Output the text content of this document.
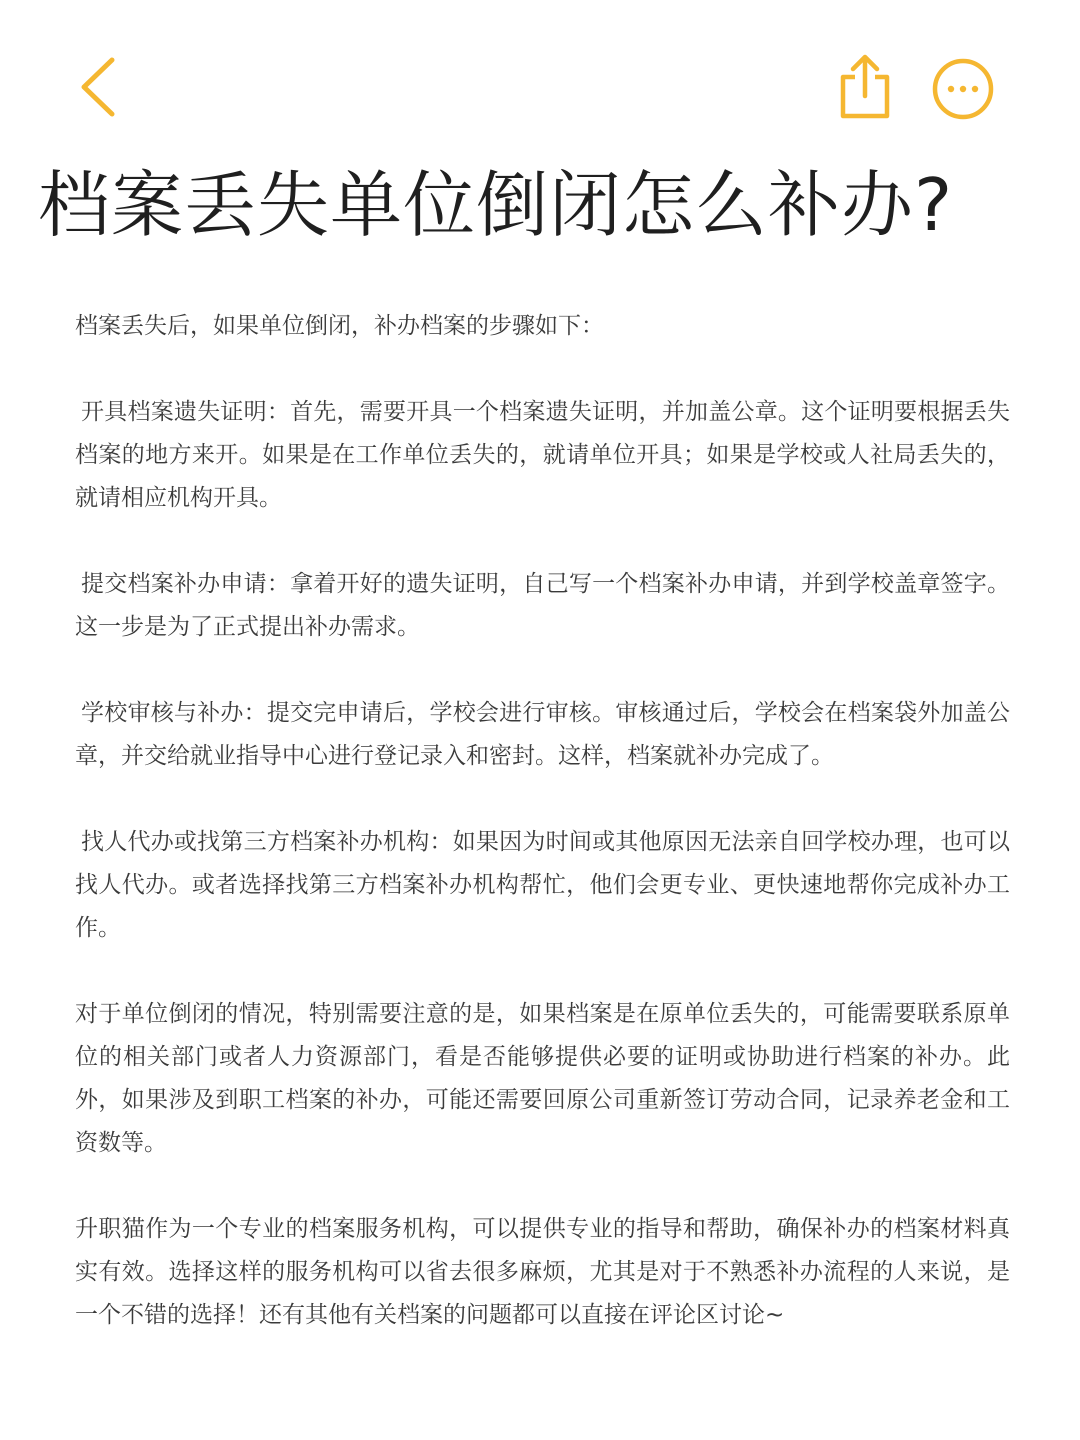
档案丢失单位倒闭怎么补办?

档案丢失后，如果单位倒闭，补办档案的步骤如下：

开具档案遗失证明：首先，需要开具一个档案遗失证明，并加盖公章。这个证明要根据丢失档案的地方来开。如果是在工作单位丢失的，就请单位开具；如果是学校或人社局丢失的，就请相应机构开具。

提交档案补办申请：拿着开好的遗失证明，自己写一个档案补办申请，并到学校盖章签字。这一步是为了正式提出补办需求。

学校审核与补办：提交完申请后，学校会进行审核。审核通过后，学校会在档案袋外加盖公章，并交给就业指导中心进行登记录入和密封。这样，档案就补办完成了。

找人代办或找第三方档案补办机构：如果因为时间或其他原因无法亲自回学校办理，也可以找人代办。或者选择找第三方档案补办机构帮忙，他们会更专业、更快速地帮你完成补办工作。

对于单位倒闭的情况，特别需要注意的是，如果档案是在原单位丢失的，可能需要联系原单位的相关部门或者人力资源部门，看是否能够提供必要的证明或协助进行档案的补办。此外，如果涉及到职工档案的补办，可能还需要回原公司重新签订劳动合同，记录养老金和工资数等。

升职猫作为一个专业的档案服务机构，可以提供专业的指导和帮助，确保补办的档案材料真实有效。选择这样的服务机构可以省去很多麻烦，尤其是对于不熟悉补办流程的人来说，是一个不错的选择！还有其他有关档案的问题都可以直接在评论区讨论~
